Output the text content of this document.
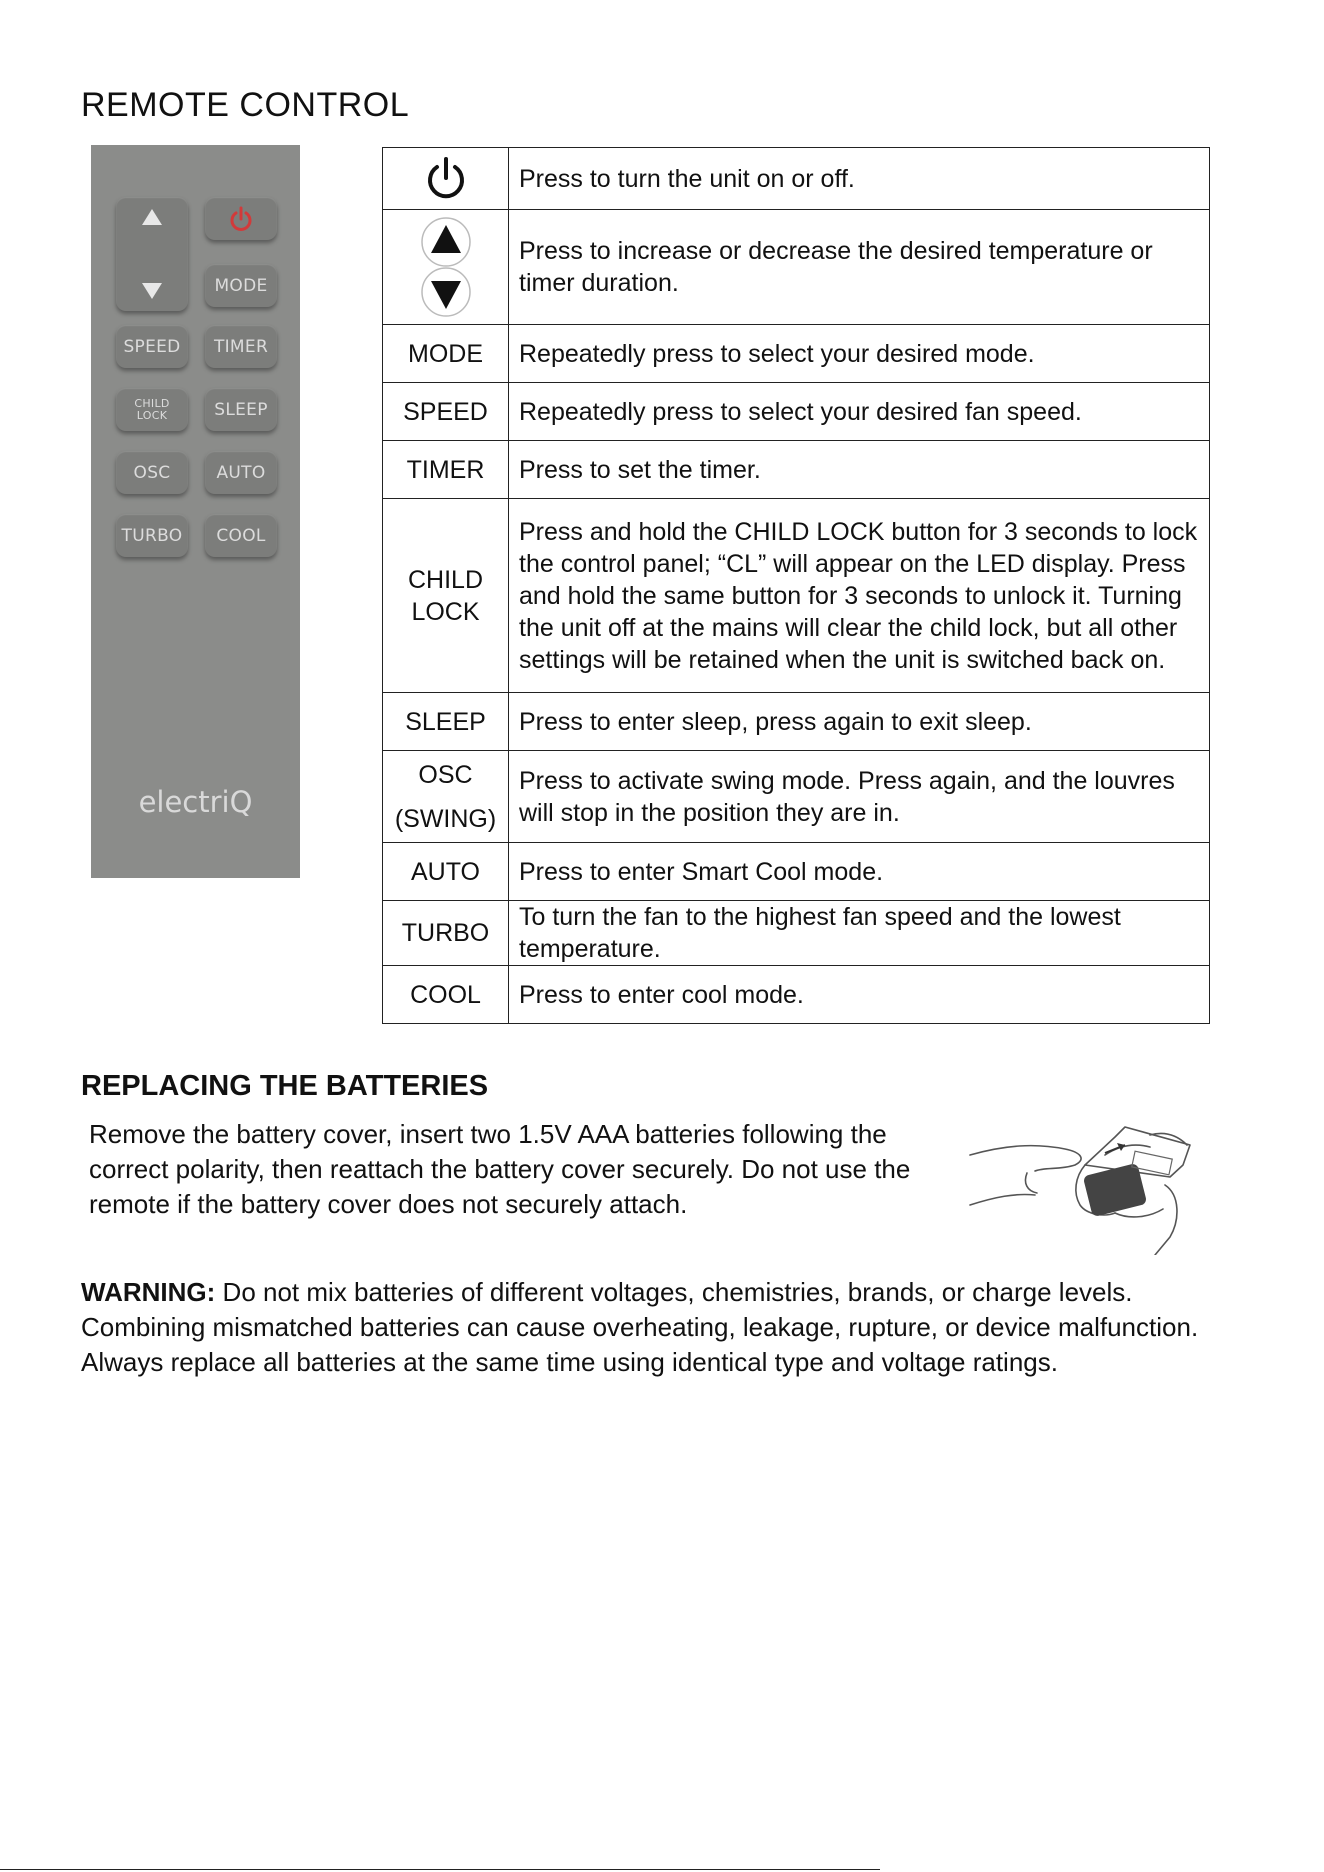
REMOTE CONTROL
MODE
SPEED	TIMER
CHILD
LOCK	SLEEP
OSC	AUTO
TURBO	COOL
electriQ
	Press to turn the unit on or off.
	Press to increase or decrease the desired temperature or timer duration.
MODE	Repeatedly press to select your desired mode.
SPEED	Repeatedly press to select your desired fan speed.
TIMER	Press to set the timer.
CHILD LOCK	Press and hold the CHILD LOCK button for 3 seconds to lock the control panel; “CL” will appear on the LED display. Press and hold the same button for 3 seconds to unlock it. Turning the unit off at the mains will clear the child lock, but all other settings will be retained when the unit is switched back on.
SLEEP	Press to enter sleep, press again to exit sleep.
OSC (SWING)	Press to activate swing mode. Press again, and the louvres will stop in the position they are in.
AUTO	Press to enter Smart Cool mode.
TURBO	To turn the fan to the highest fan speed and the lowest temperature.
COOL	Press to enter cool mode.
REPLACING THE BATTERIES
Remove the battery cover, insert two 1.5V AAA batteries following the correct polarity, then reattach the battery cover securely. Do not use the remote if the battery cover does not securely attach.
WARNING: Do not mix batteries of different voltages, chemistries, brands, or charge levels. Combining mismatched batteries can cause overheating, leakage, rupture, or device malfunction. Always replace all batteries at the same time using identical type and voltage ratings.
